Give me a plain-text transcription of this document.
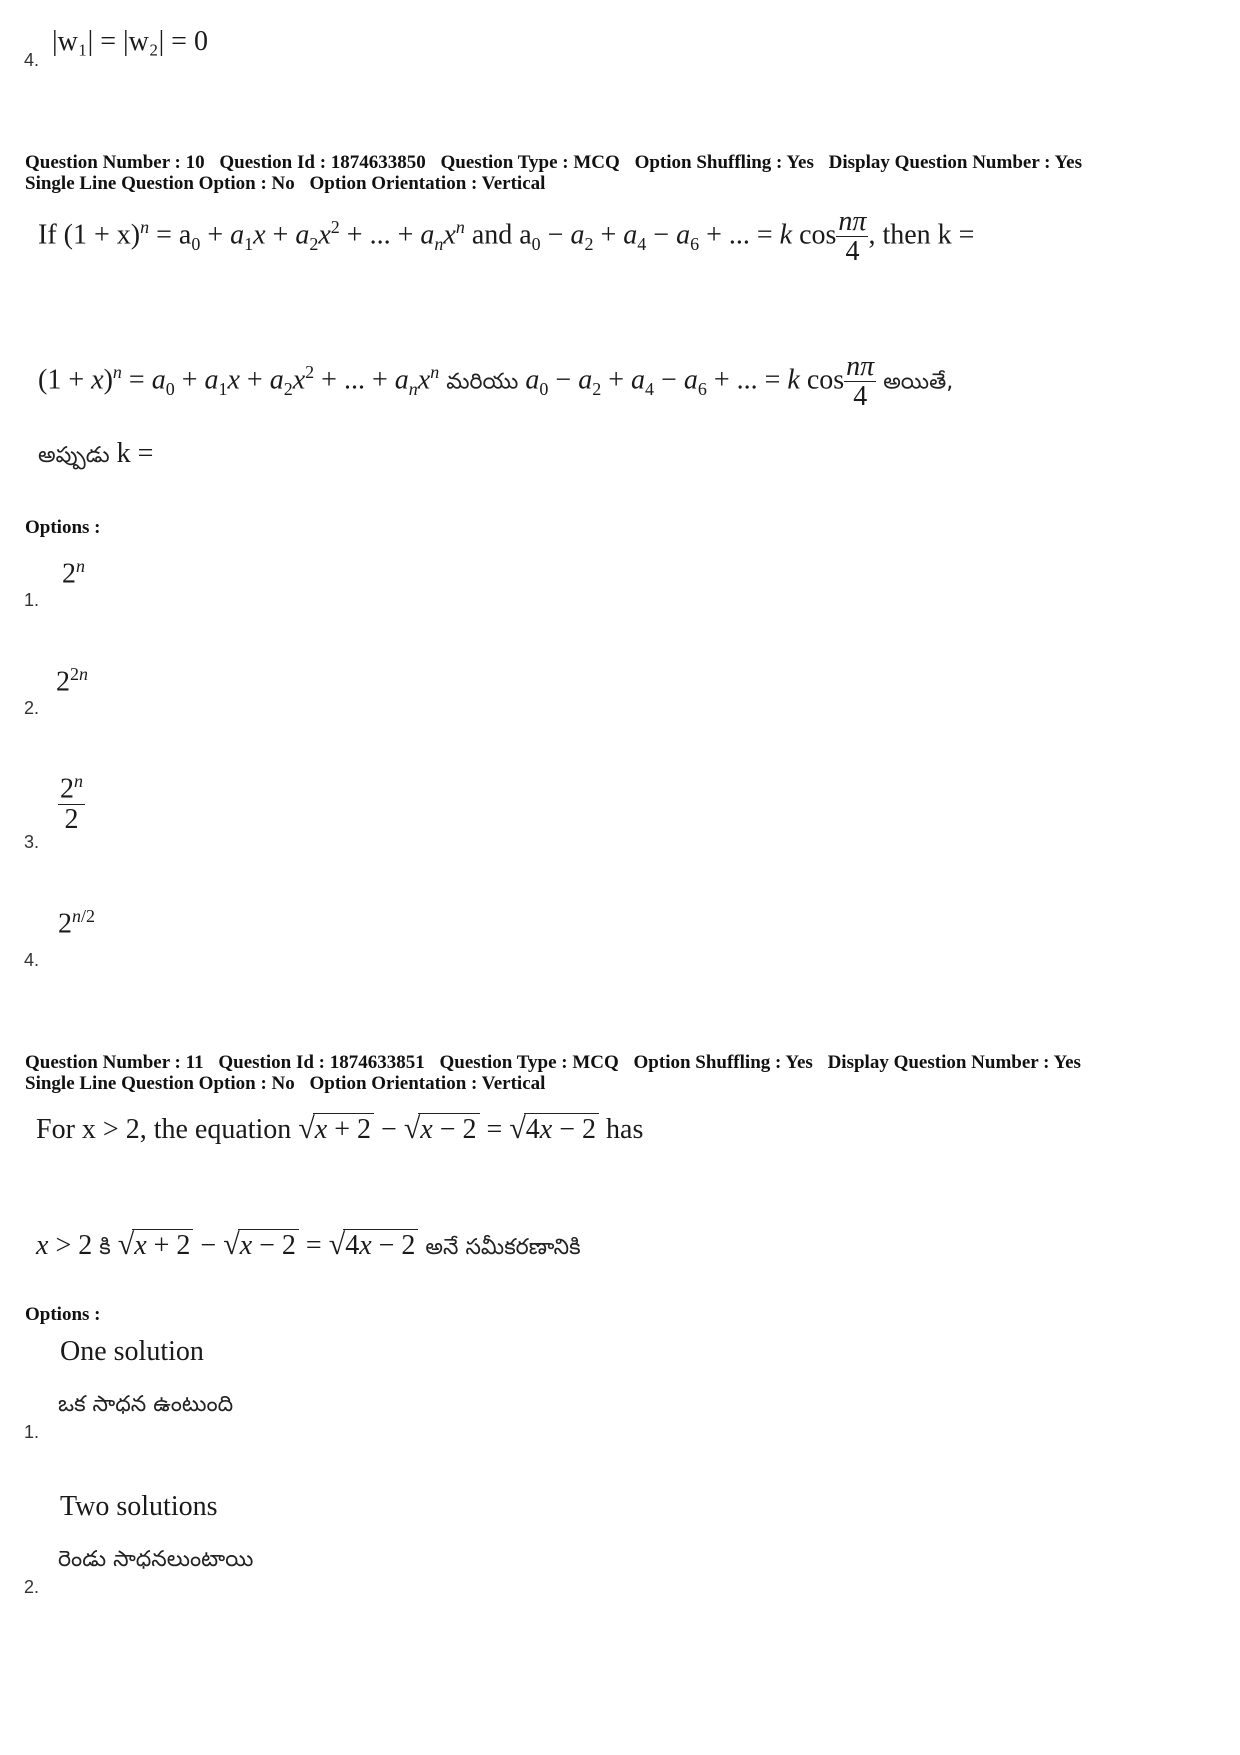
4.
|w₁| = |w₂| = 0
Question Number : 10 Question Id : 1874633850 Question Type : MCQ Option Shuffling : Yes Display Question Number : Yes
Single Line Question Option : No Option Orientation : Vertical
If $(1 + x)^n = a_0 + a_1x + a_2x^2$ + ... + $a_nx^n$ and $a_0 - a_2 + a_4 - a_6$ + ... = k $\cos \frac{n\pi}{4}$ , then k =
$(1 + x)^n = a_0 + a_1x + a_2x^2$ + ... + $a_nx^n$ మరియు $a_0 - a_2 + a_4 - a_6$ + ... = k $\cos \frac{n\pi}{4}$ అయితే,
అప్పుడు k =
Options :
1.
2$^n$
2.
$2^{2n}$
3.
$\frac{2^n}{2}$
4.
$2^{n/2}$
Question Number : 11 Question Id : 1874633851 Question Type : MCQ Option Shuffling : Yes Display Question Number : Yes
Single Line Question Option : No Option Orientation : Vertical
For x > 2, the equation √x + 2 − √x − 2 = √4x − 2 has
x > 2 కి √x + 2 − √x − 2 = √4x − 2 అనే సమీకరణానికి
Options :
One solution
ఒక సాధన ఉంటుంది
1.
Two solutions
రెండు సాధనలుంటాయి
2.
